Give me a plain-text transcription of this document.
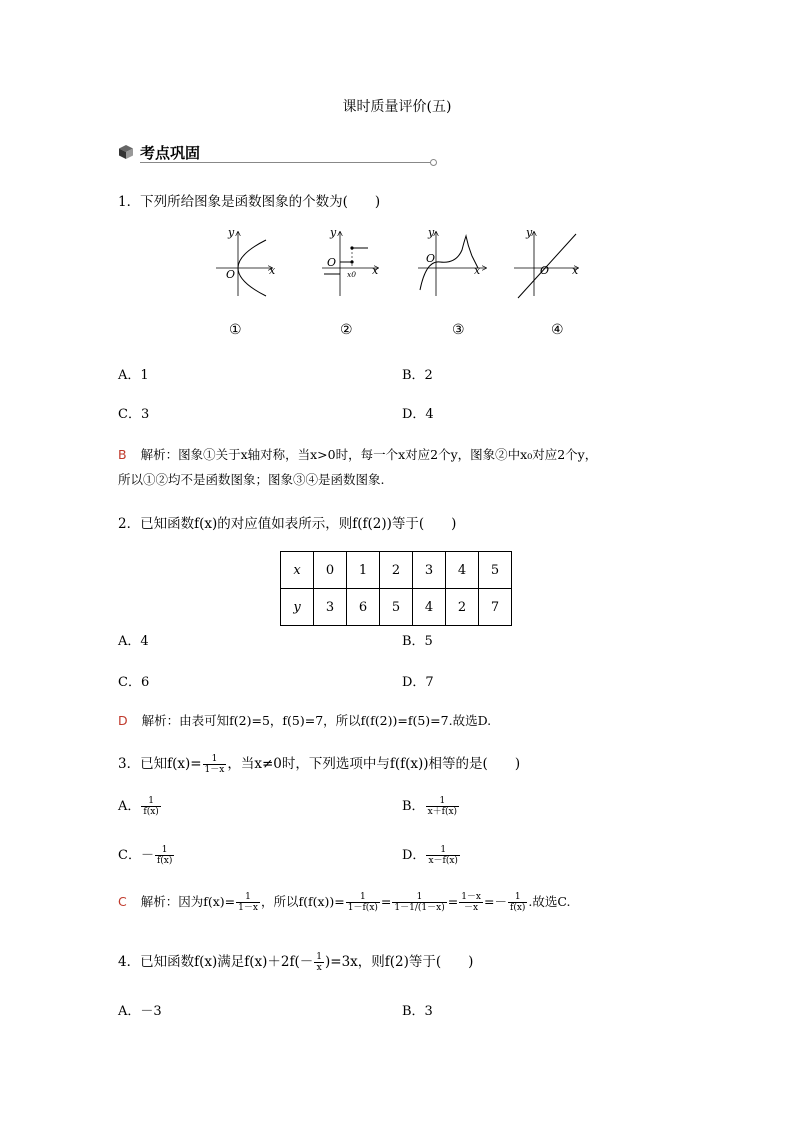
课时质量评价(五)
考点巩固
1．下列所给图象是函数图象的个数为(　　)
y
x
O
y
x
O
x0
y
x
O
y
x
O
①	②	③	④
A．1	B．2
C．3	D．4
B 解析：图象①关于x轴对称，当x>0时，每一个x对应2个y，图象②中x₀对应2个y，
所以①②均不是函数图象；图象③④是函数图象.
2．已知函数f(x)的对应值如表所示，则f(f(2))等于(　　)
x	0	1	2	3	4	5
y	3	6	5	4	2	7
A．4	B．5
C．6	D．7
D 解析：由表可知f(2)=5，f(5)=7，所以f(f(2))=f(5)=7.故选D.
3．已知$f(x)= \frac{1}{1-x}$ ，当x≠0时，下列选项中与f(f(x))相等的是(　　)
A． $\frac{1}{f(x)}$	B． $\frac{1}{x+f(x)}$
C．－ $\frac{1}{f(x)}$	D． $\frac{1}{x-f(x)}$
C 解析：因为$f(x)= \frac{1}{1-x}$ ，所以$f(f(x))= \frac{1}{1-f(x)} = \frac{1}{1-1/(1-x)} = \frac{1-x}{-x} =- \frac{1}{f(x)}$ .故选C.
4．已知函数f(x)满足$f(x)+2f(- \frac{1}{x} )=3x$，则f(2)等于(　　)
A．－3	B．3
